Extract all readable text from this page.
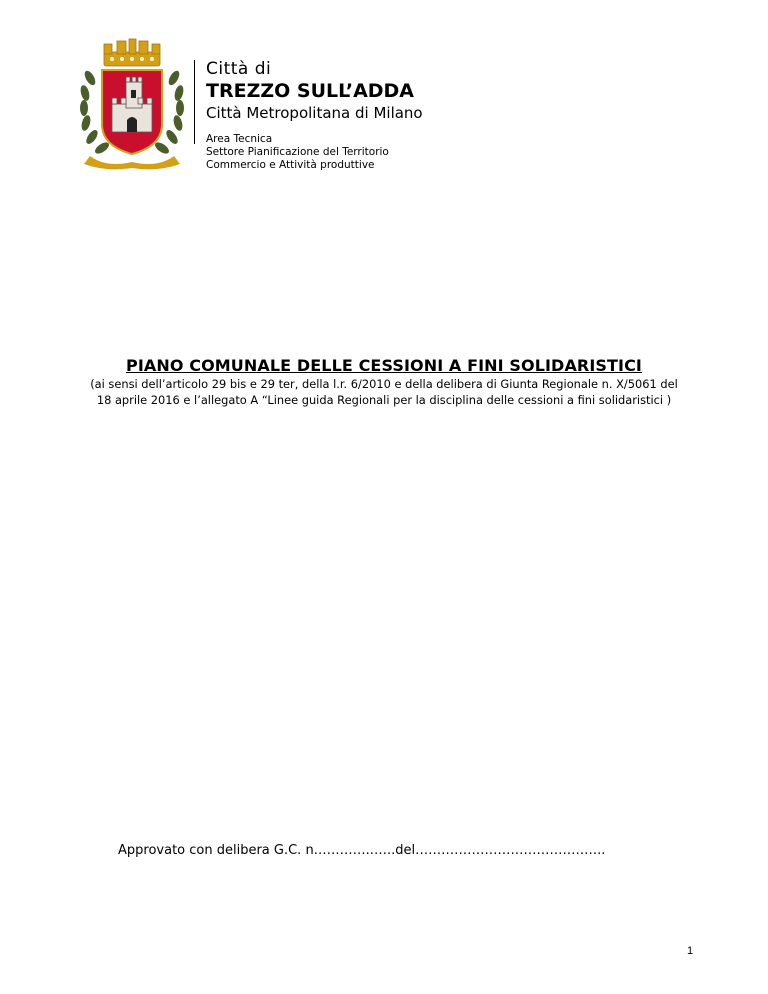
Città di
TREZZO SULL’ADDA
Città Metropolitana di Milano
Area Tecnica
Settore Pianificazione del Territorio
Commercio e Attività produttive
PIANO COMUNALE DELLE CESSIONI A FINI SOLIDARISTICI
(ai sensi dell’articolo 29 bis e 29 ter, della l.r. 6/2010 e della delibera di Giunta Regionale n. X/5061 del
18 aprile 2016 e l’allegato A “Linee guida Regionali per la disciplina delle cessioni a fini solidaristici )
Approvato con delibera G.C. n…………..…..del……………………………………..
1
